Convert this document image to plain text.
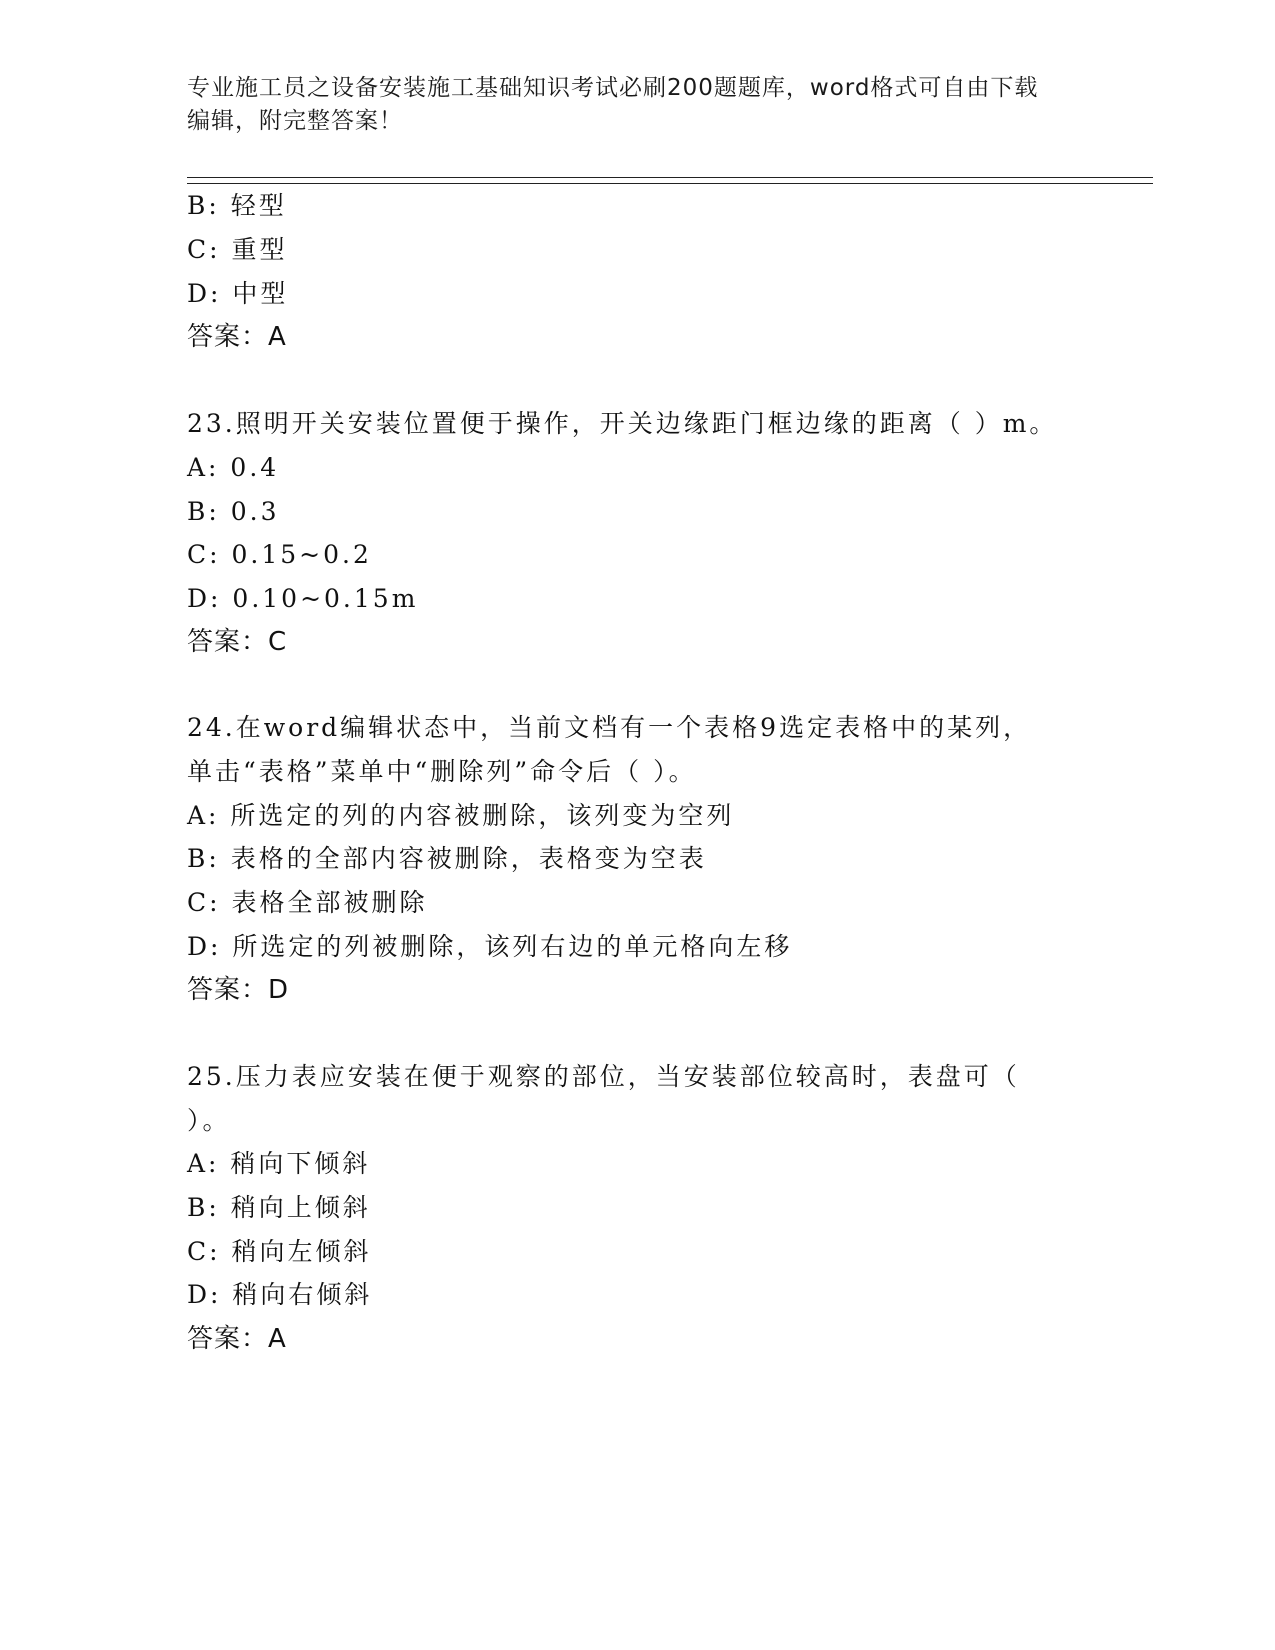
专业施工员之设备安装施工基础知识考试必刷200题题库，word格式可自由下载
编辑，附完整答案！
B: 轻型
C: 重型
D: 中型
答案：A
23.照明开关安装位置便于操作，开关边缘距门框边缘的距离（ ）m。
A: 0.4
B: 0.3
C: 0.15~0.2
D: 0.10~0.15m
答案：C
24.在word编辑状态中，当前文档有一个表格9选定表格中的某列，
单击“表格”菜单中“删除列”命令后（ ）。
A: 所选定的列的内容被删除，该列变为空列
B: 表格的全部内容被删除，表格变为空表
C: 表格全部被删除
D: 所选定的列被删除，该列右边的单元格向左移
答案：D
25.压力表应安装在便于观察的部位，当安装部位较高时，表盘可（
）。
A: 稍向下倾斜
B: 稍向上倾斜
C: 稍向左倾斜
D: 稍向右倾斜
答案：A
